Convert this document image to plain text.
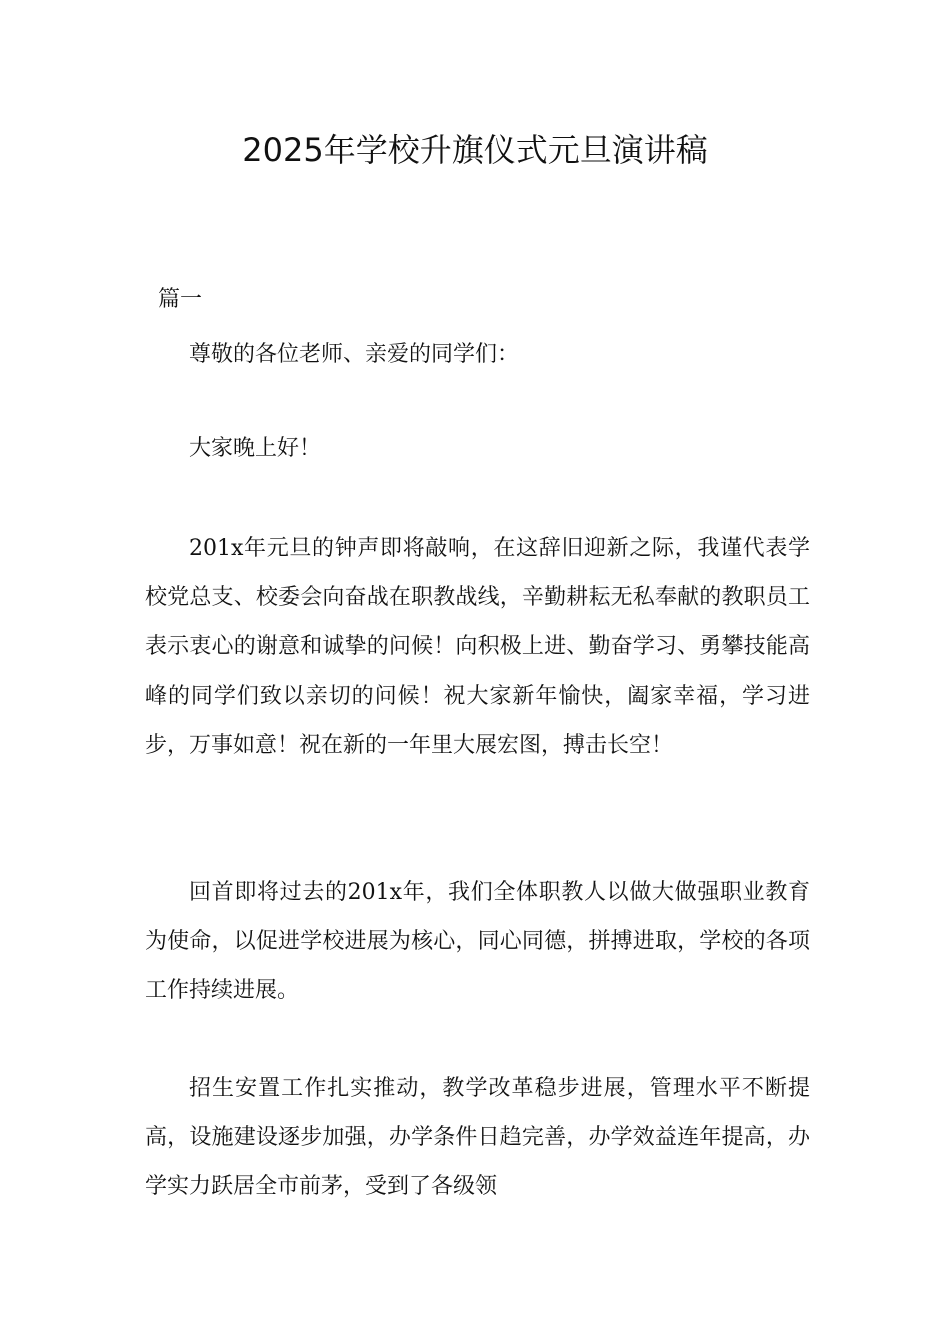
2025年学校升旗仪式元旦演讲稿
篇一

尊敬的各位老师、亲爱的同学们：

大家晚上好！

201x年元旦的钟声即将敲响，在这辞旧迎新之际，我谨代表学校党总支、校委会向奋战在职教战线，辛勤耕耘无私奉献的教职员工表示衷心的谢意和诚挚的问候！向积极上进、勤奋学习、勇攀技能高峰的同学们致以亲切的问候！祝大家新年愉快，阖家幸福，学习进步，万事如意！祝在新的一年里大展宏图，搏击长空！

回首即将过去的201x年，我们全体职教人以做大做强职业教育为使命，以促进学校进展为核心，同心同德，拼搏进取，学校的各项工作持续进展。

招生安置工作扎实推动，教学改革稳步进展，管理水平不断提高，设施建设逐步加强，办学条件日趋完善，办学效益连年提高，办学实力跃居全市前茅，受到了各级领
